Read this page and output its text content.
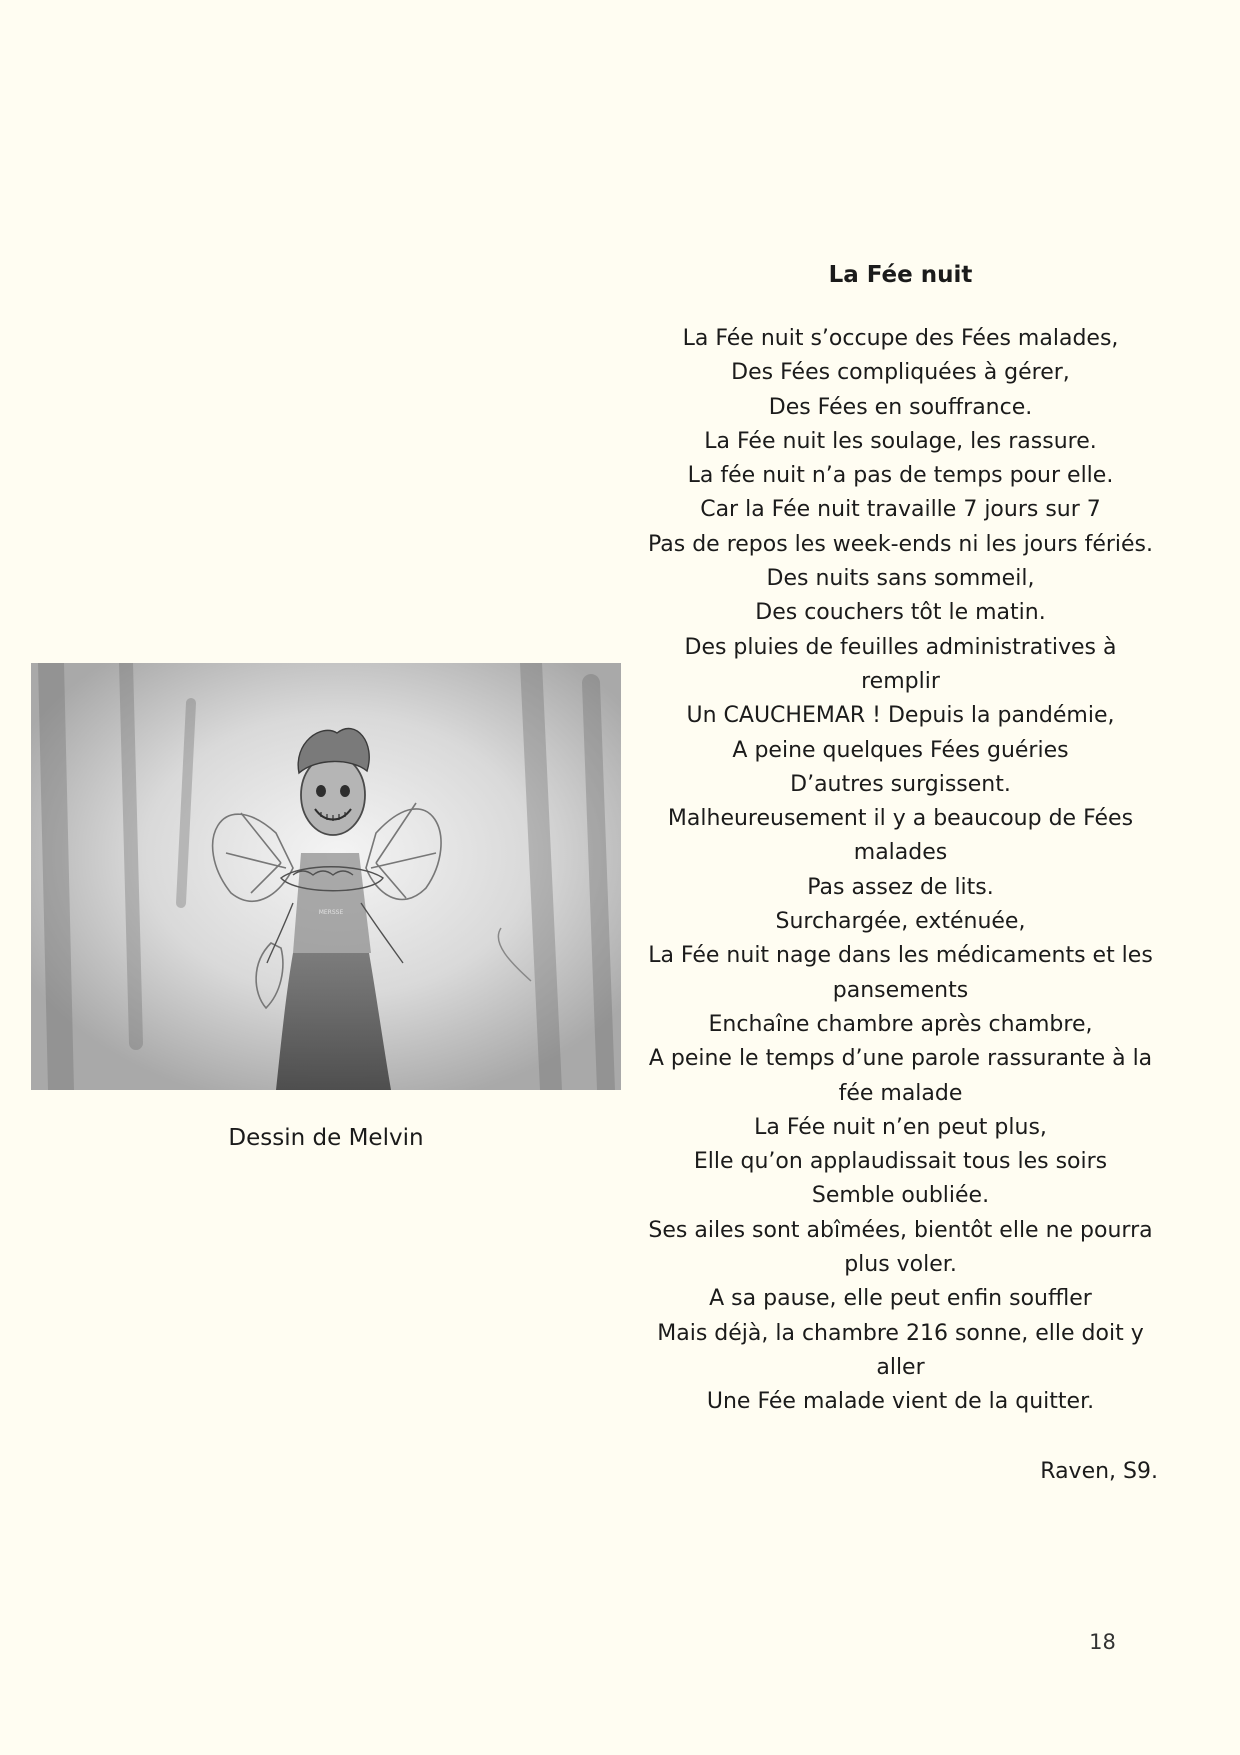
MERSSE
Dessin de Melvin
La Fée nuit
La Fée nuit s’occupe des Fées malades,
Des Fées compliquées à gérer,
Des Fées en souffrance.
La Fée nuit les soulage, les rassure.
La fée nuit n’a pas de temps pour elle.
Car la Fée nuit travaille 7 jours sur 7
Pas de repos les week-ends ni les jours fériés.
Des nuits sans sommeil,
Des couchers tôt le matin.
Des pluies de feuilles administratives à
remplir
Un CAUCHEMAR ! Depuis la pandémie,
A peine quelques Fées guéries
D’autres surgissent.
Malheureusement il y a beaucoup de Fées
malades
Pas assez de lits.
Surchargée, exténuée,
La Fée nuit nage dans les médicaments et les
pansements
Enchaîne chambre après chambre,
A peine le temps d’une parole rassurante à la
fée malade
La Fée nuit n’en peut plus,
Elle qu’on applaudissait tous les soirs
Semble oubliée.
Ses ailes sont abîmées, bientôt elle ne pourra
plus voler.
A sa pause, elle peut enfin souffler
Mais déjà, la chambre 216 sonne, elle doit y
aller
Une Fée malade vient de la quitter.
Raven, S9.
18
